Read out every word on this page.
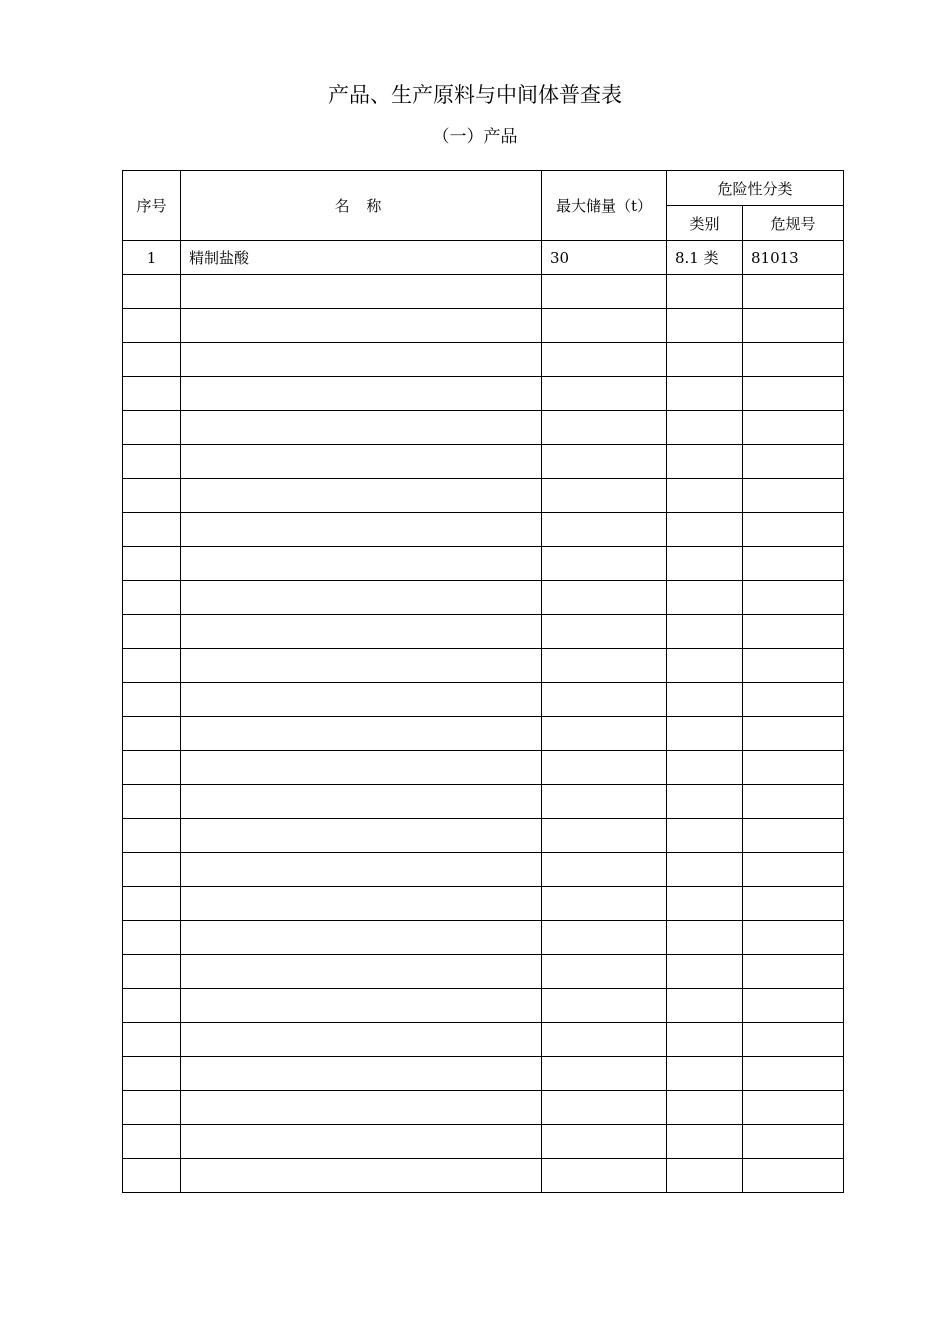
产品、生产原料与中间体普查表
（一）产品
序号	名 称	最大储量（t）	危险性分类	
			类别	危规号
1	精制盐酸	30	8.1 类	81013
